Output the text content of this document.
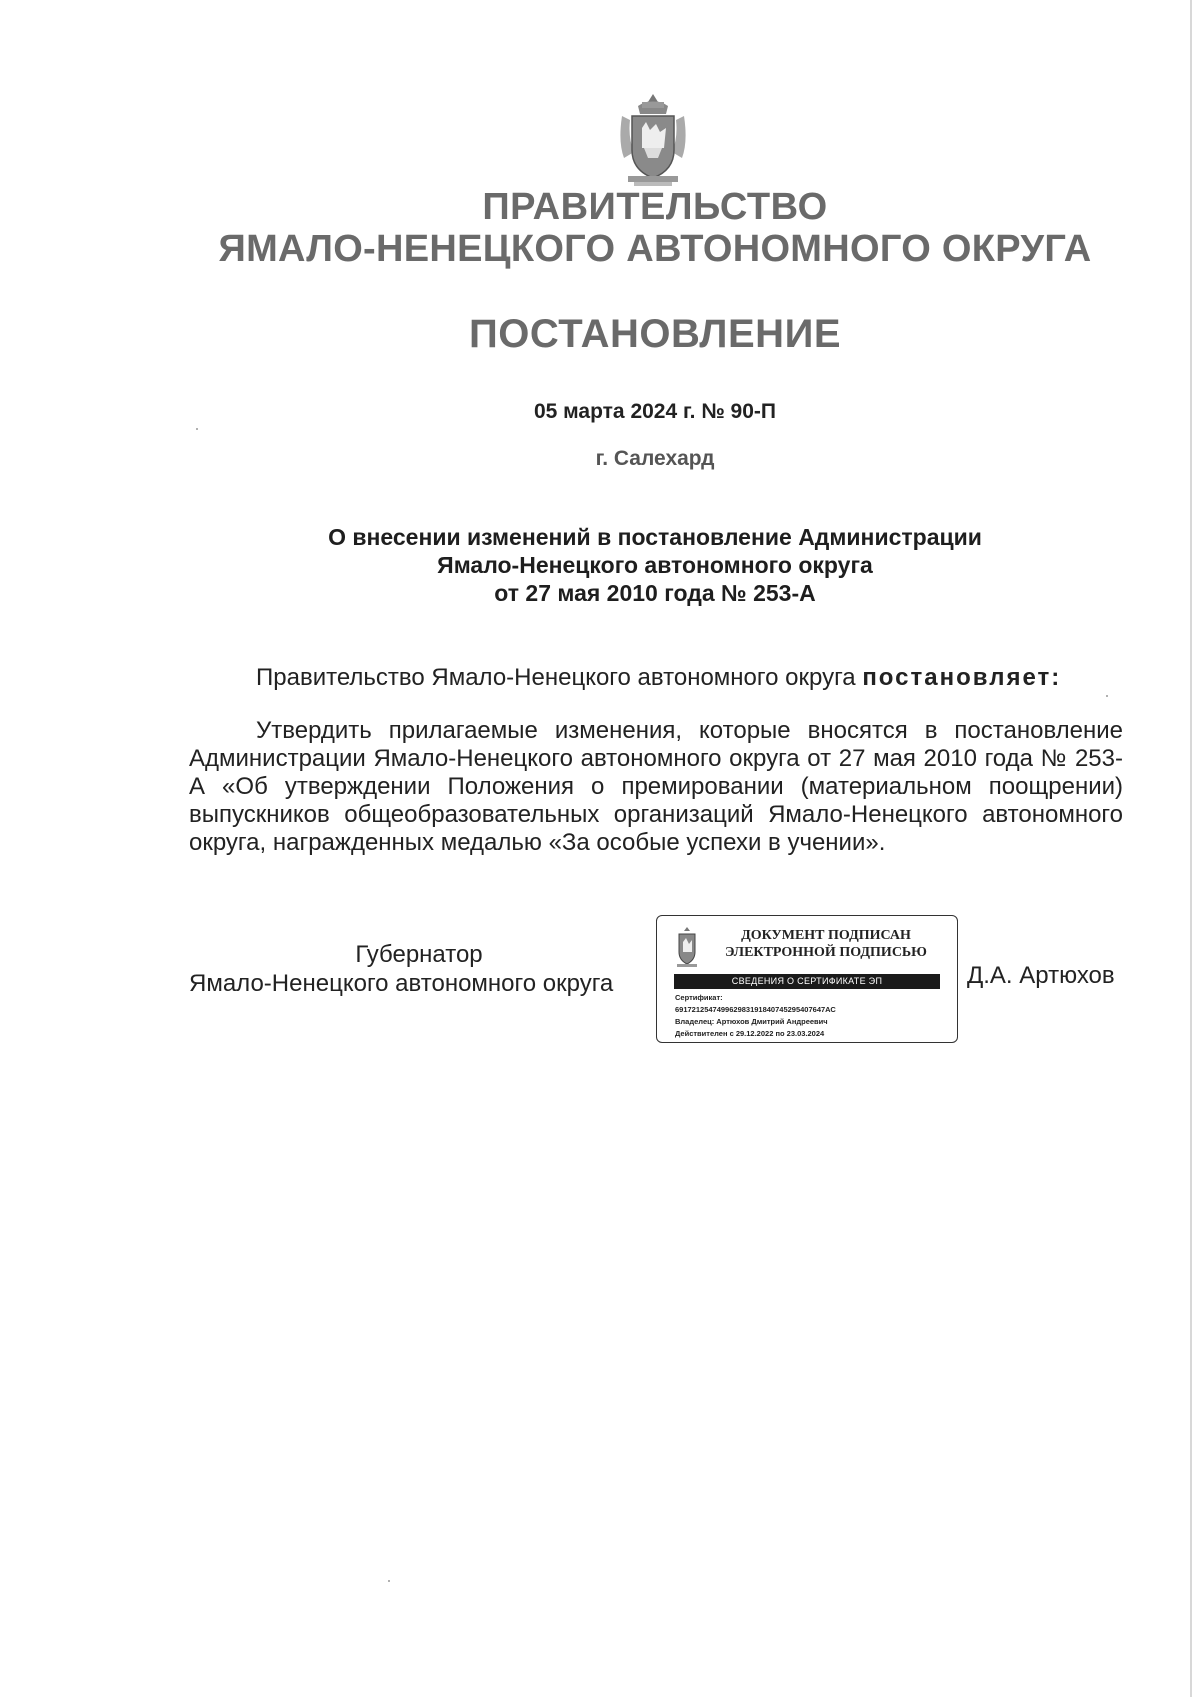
ПРАВИТЕЛЬСТВО
ЯМАЛО-НЕНЕЦКОГО АВТОНОМНОГО ОКРУГА
ПОСТАНОВЛЕНИЕ
05 марта 2024 г. № 90-П
г. Салехард
О внесении изменений в постановление Администрации
Ямало-Ненецкого автономного округа
от 27 мая 2010 года № 253-А
Правительство Ямало-Ненецкого автономного округа постановляет:
Утвердить прилагаемые изменения, которые вносятся в постановление Администрации Ямало-Ненецкого автономного округа от 27 мая 2010 года № 253-А «Об утверждении Положения о премировании (материальном поощрении) выпускников общеобразовательных организаций Ямало-Ненецкого автономного округа, награжденных медалью «За особые успехи в учении».
Губернатор
Ямало-Ненецкого автономного округа
ДОКУМЕНТ ПОДПИСАН
ЭЛЕКТРОННОЙ ПОДПИСЬЮ
СВЕДЕНИЯ О СЕРТИФИКАТЕ ЭП
Сертификат:
691721254749962983191840745295407647АС
Владелец: Артюхов Дмитрий Андреевич
Действителен с 29.12.2022 по 23.03.2024
Д.А. Артюхов
